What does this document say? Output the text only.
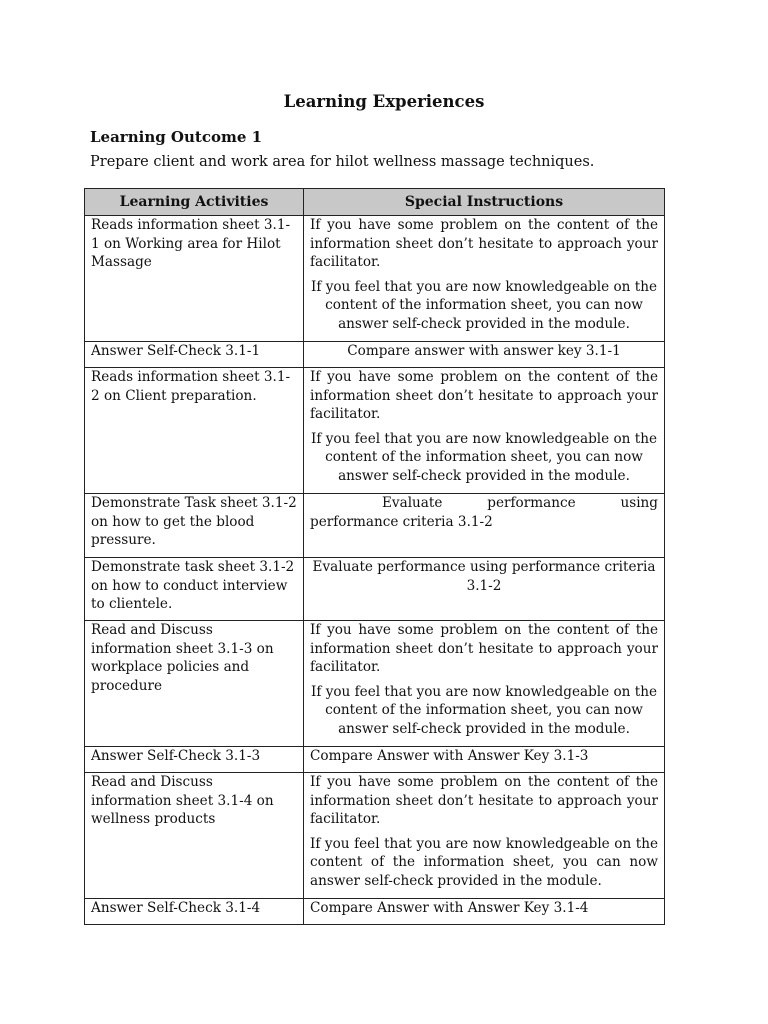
Learning Experiences
Learning Outcome 1
Prepare client and work area for hilot wellness massage techniques.
Learning Activities	Special Instructions
Reads information sheet 3.1-1 on Working area for Hilot Massage	If you have some problem on the content of the information sheet don’t hesitate to approach your facilitator.

If you feel that you are now knowledgeable on the content of the information sheet, you can now answer self-check provided in the module.

Answer Self-Check 3.1-1	Compare answer with answer key 3.1-1

Reads information sheet 3.1-2 on Client preparation.	If you have some problem on the content of the information sheet don’t hesitate to approach your facilitator.

If you feel that you are now knowledgeable on the content of the information sheet, you can now answer self-check provided in the module.

Demonstrate Task sheet 3.1-2 on how to get the blood pressure.	Evaluate performance using performance criteria 3.1-2

Demonstrate task sheet 3.1-2 on how to conduct interview to clientele.	Evaluate performance using performance criteria 3.1-2

Read and Discuss information sheet 3.1-3 on workplace policies and procedure	If you have some problem on the content of the information sheet don’t hesitate to approach your facilitator.

If you feel that you are now knowledgeable on the content of the information sheet, you can now answer self-check provided in the module.

Answer Self-Check 3.1-3	Compare Answer with Answer Key 3.1-3

Read and Discuss information sheet 3.1-4 on wellness products	If you have some problem on the content of the information sheet don’t hesitate to approach your facilitator.

If you feel that you are now knowledgeable on the content of the information sheet, you can now answer self-check provided in the module.

Answer Self-Check 3.1-4	Compare Answer with Answer Key 3.1-4
